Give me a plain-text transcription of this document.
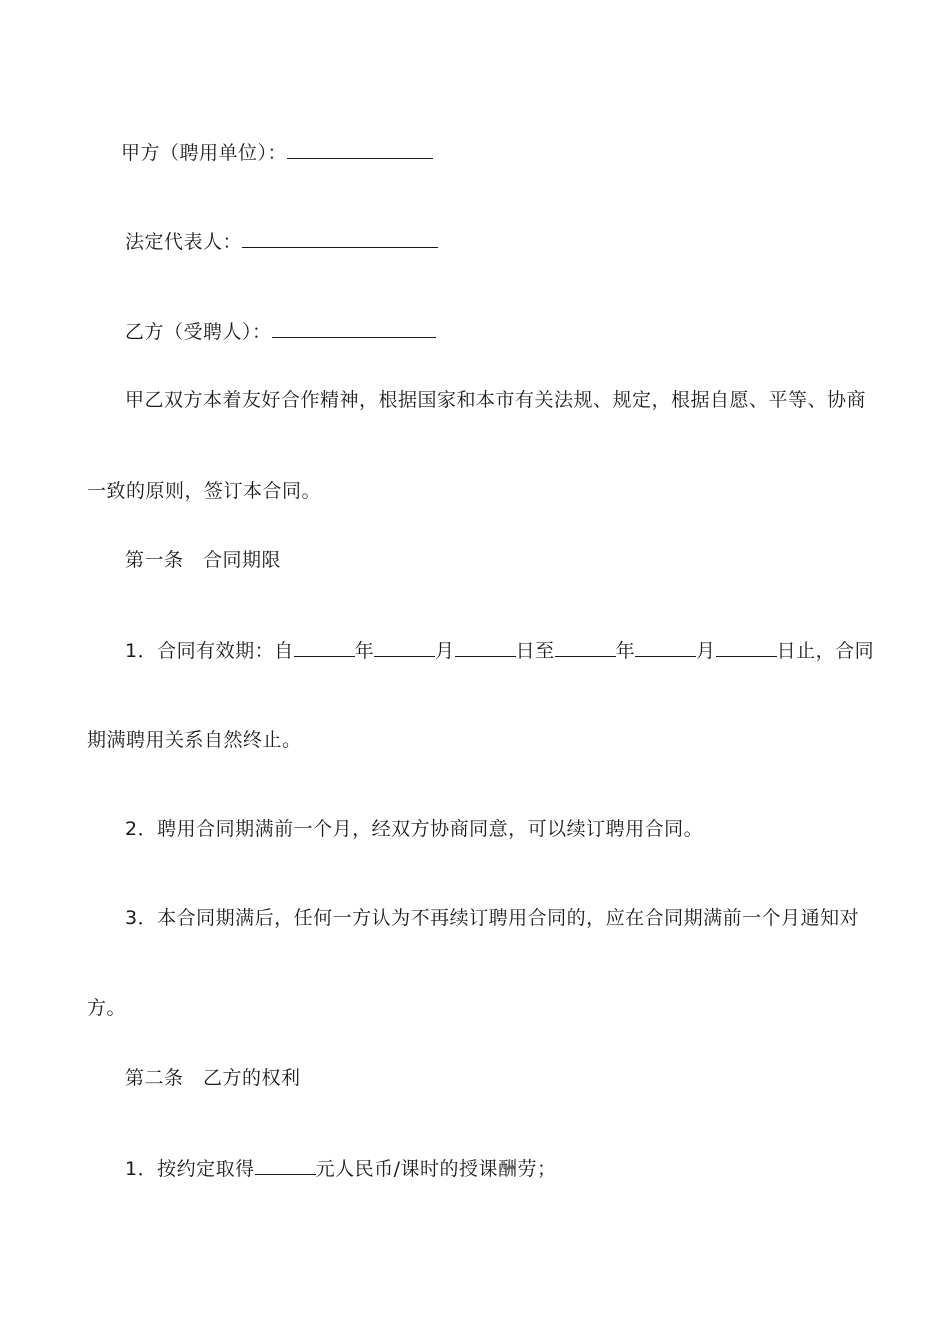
甲方（聘用单位）：
法定代表人：
乙方（受聘人）：
甲乙双方本着友好合作精神，根据国家和本市有关法规、规定，根据自愿、平等、协商
一致的原则，签订本合同。
第一条　合同期限
1．合同有效期：自	年	月	日至	年	月	日止，合同
期满聘用关系自然终止。
2．聘用合同期满前一个月，经双方协商同意，可以续订聘用合同。
3．本合同期满后，任何一方认为不再续订聘用合同的，应在合同期满前一个月通知对
方。
第二条　乙方的权利
1．按约定取得	元人民币/课时的授课酬劳；
